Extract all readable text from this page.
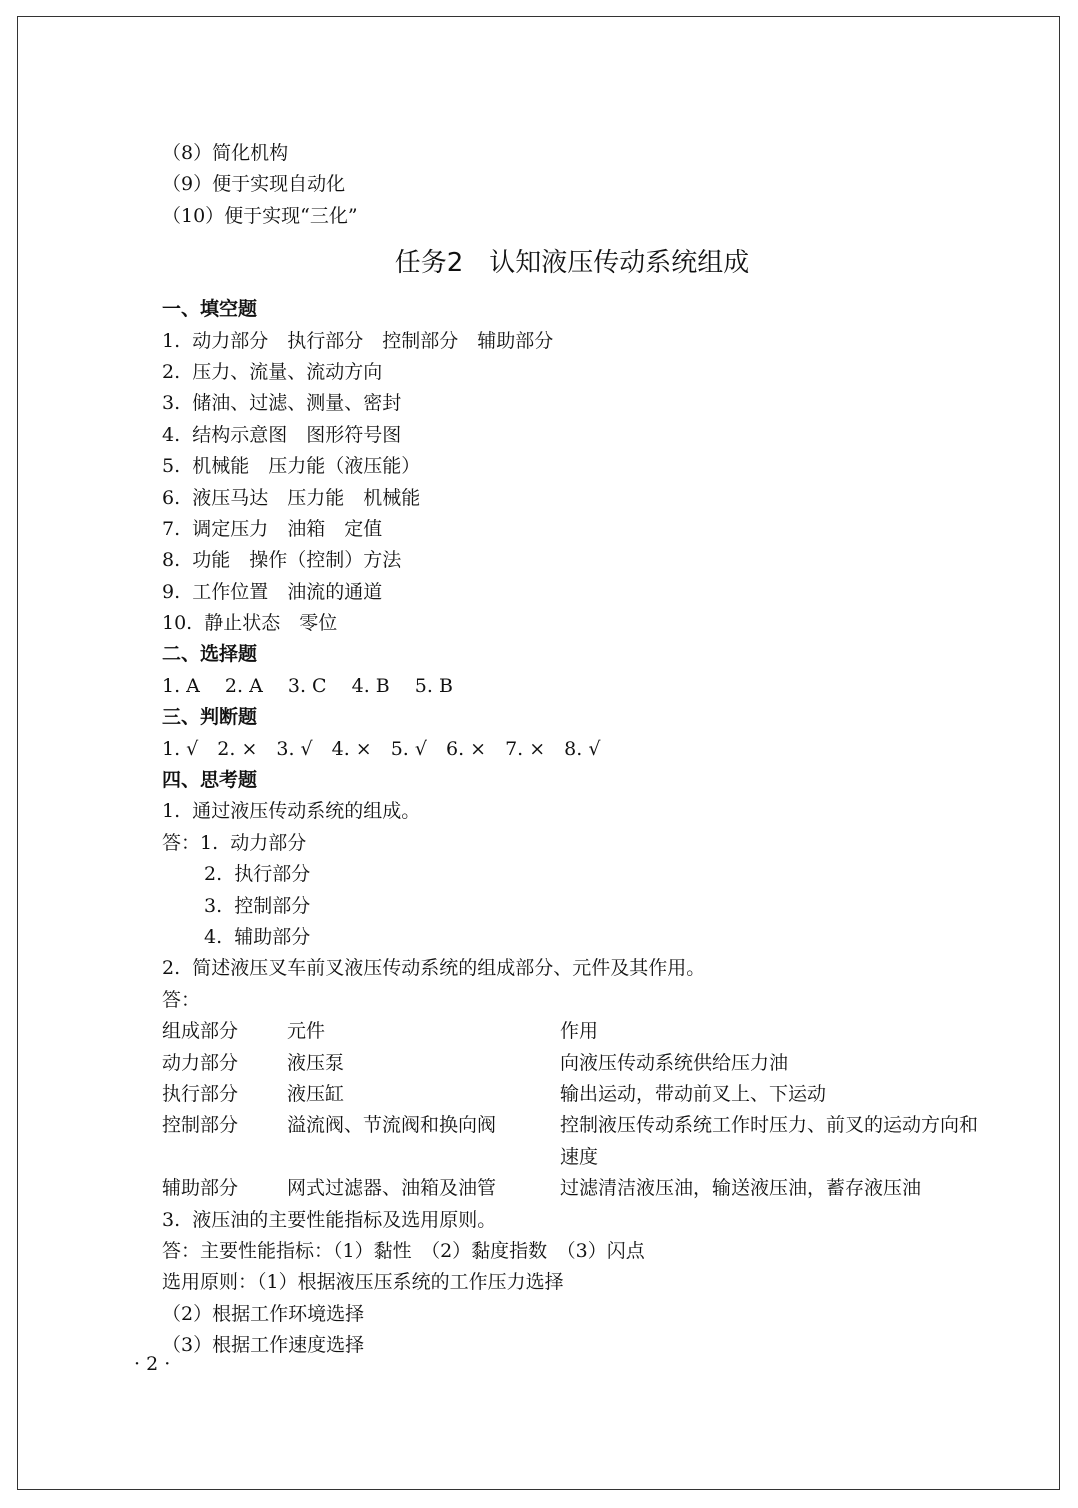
（8）简化机构
（9）便于实现自动化
（10）便于实现“三化”
任务2　认知液压传动系统组成
一、填空题
1.  动力部分　执行部分　控制部分　辅助部分
2.  压力、流量、流动方向
3.  储油、过滤、测量、密封
4.  结构示意图　图形符号图
5.  机械能　压力能（液压能）
6.  液压马达　压力能　机械能
7.  调定压力　油箱　定值
8.  功能　操作（控制）方法
9.  工作位置　油流的通道
10.  静止状态　零位
二、选择题
1. A　 2. A　 3. C　 4. B　 5. B
三、判断题
1. √　2. ×　3. √　4. ×　5. √　6. ×　7. ×　8. √
四、思考题
1.  通过液压传动系统的组成。
答：1.  动力部分
2.  执行部分
3.  控制部分
4.  辅助部分
2.  简述液压叉车前叉液压传动系统的组成部分、元件及其作用。
答：
组成部分	元件	作用
动力部分	液压泵	向液压传动系统供给压力油
执行部分	液压缸	输出运动，带动前叉上、下运动
控制部分	溢流阀、节流阀和换向阀	控制液压传动系统工作时压力、前叉的运动方向和速度
辅助部分	网式过滤器、油箱及油管	过滤清洁液压油，输送液压油，蓄存液压油
3.  液压油的主要性能指标及选用原则。
答：主要性能指标：（1）黏性　（2）黏度指数　（3）闪点
选用原则：（1）根据液压压系统的工作压力选择
（2）根据工作环境选择
（3）根据工作速度选择
· 2 ·
